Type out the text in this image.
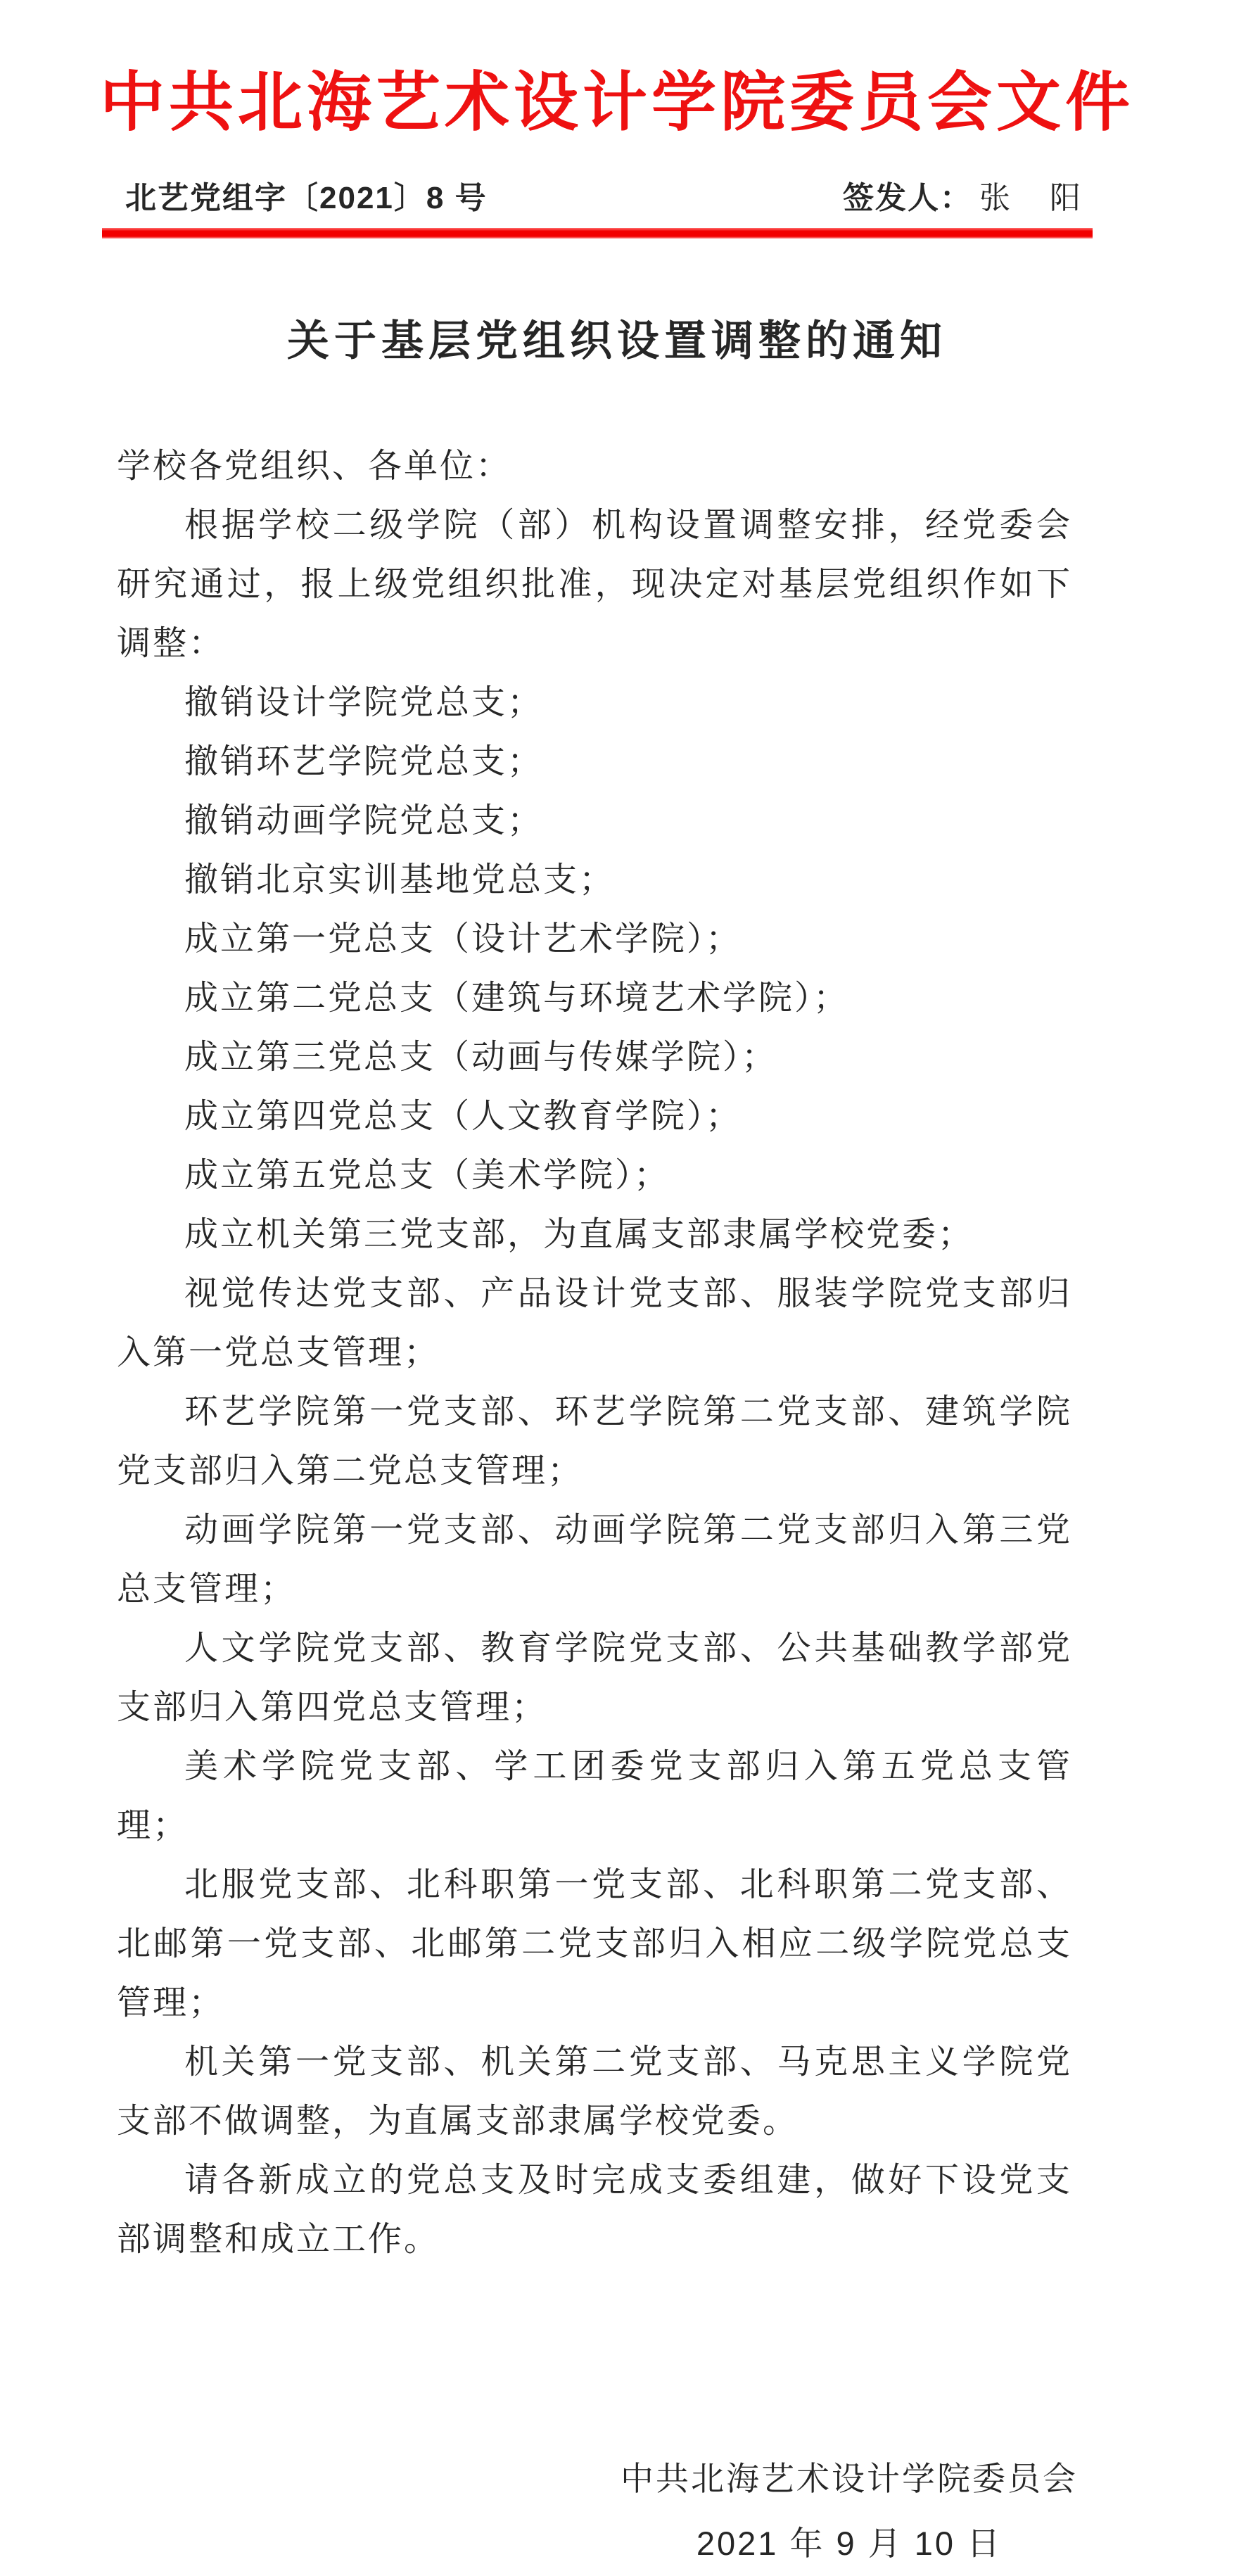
中共北海艺术设计学院委员会文件
北艺党组字〔2021〕8 号	签发人： 张　阳
关于基层党组织设置调整的通知

学校各党组织、各单位：

根据学校二级学院（部）机构设置调整安排，经党委会研究通过，报上级党组织批准，现决定对基层党组织作如下调整：

撤销设计学院党总支；

撤销环艺学院党总支；

撤销动画学院党总支；

撤销北京实训基地党总支；

成立第一党总支（设计艺术学院）；

成立第二党总支（建筑与环境艺术学院）；

成立第三党总支（动画与传媒学院）；

成立第四党总支（人文教育学院）；

成立第五党总支（美术学院）；

成立机关第三党支部，为直属支部隶属学校党委；

视觉传达党支部、产品设计党支部、服装学院党支部归入第一党总支管理；

环艺学院第一党支部、环艺学院第二党支部、建筑学院党支部归入第二党总支管理；

动画学院第一党支部、动画学院第二党支部归入第三党总支管理；

人文学院党支部、教育学院党支部、公共基础教学部党支部归入第四党总支管理；

美术学院党支部、学工团委党支部归入第五党总支管理；

北服党支部、北科职第一党支部、北科职第二党支部、北邮第一党支部、北邮第二党支部归入相应二级学院党总支管理；

机关第一党支部、机关第二党支部、马克思主义学院党支部不做调整，为直属支部隶属学校党委。

请各新成立的党总支及时完成支委组建，做好下设党支部调整和成立工作。

中共北海艺术设计学院委员会

2021 年 9 月 10 日
